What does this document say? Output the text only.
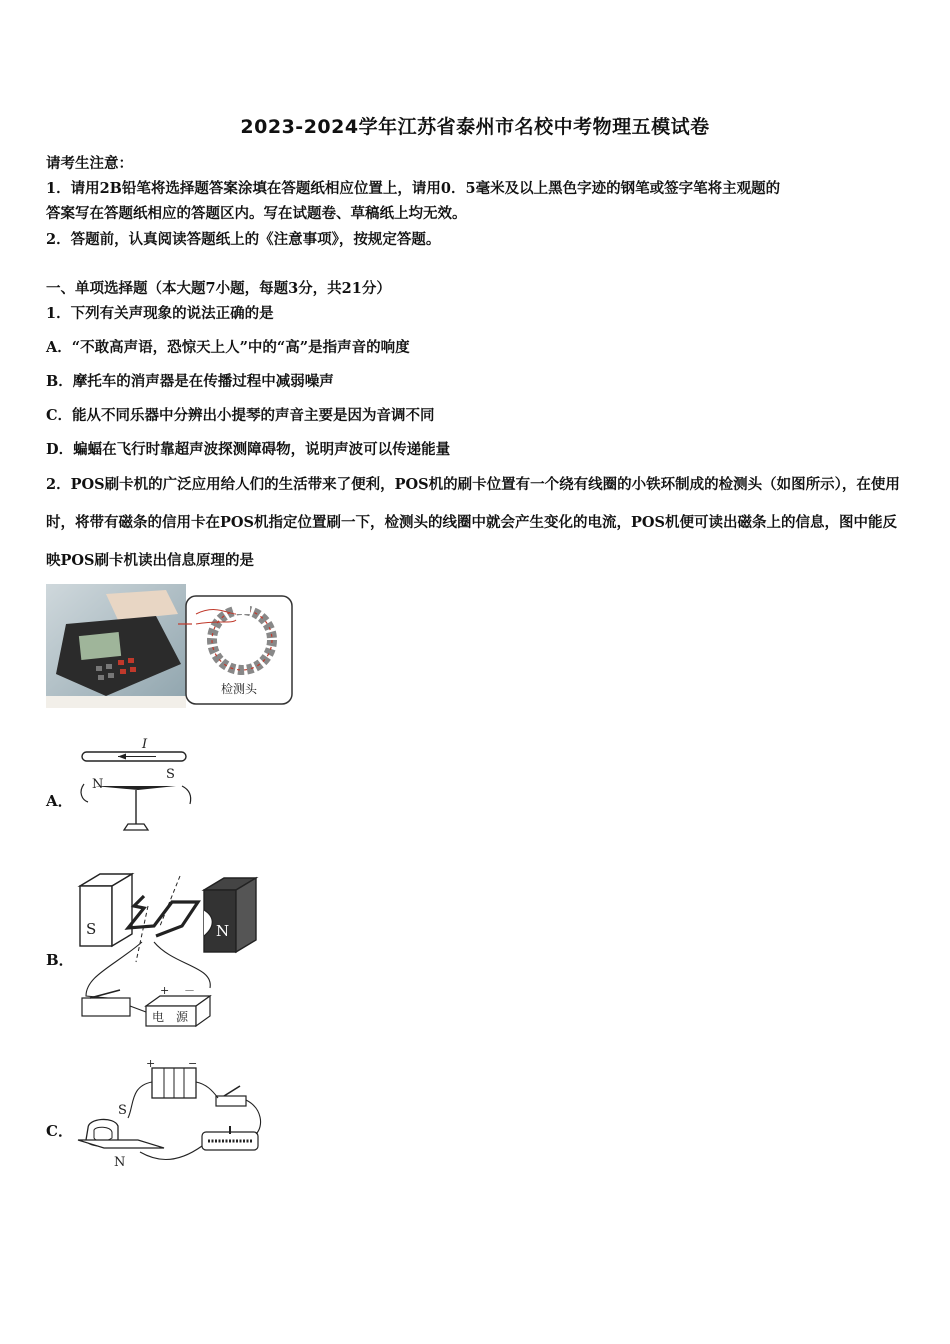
2023-2024学年江苏省泰州市名校中考物理五模试卷
请考生注意：
1．请用2B铅笔将选择题答案涂填在答题纸相应位置上，请用0．5毫米及以上黑色字迹的钢笔或签字笔将主观题的
答案写在答题纸相应的答题区内。写在试题卷、草稿纸上均无效。
2．答题前，认真阅读答题纸上的《注意事项》，按规定答题。
一、单项选择题（本大题7小题，每题3分，共21分）
1．下列有关声现象的说法正确的是
A．“不敢高声语，恐惊天上人”中的“高”是指声音的响度
B．摩托车的消声器是在传播过程中减弱噪声
C．能从不同乐器中分辨出小提琴的声音主要是因为音调不同
D．蝙蝠在飞行时靠超声波探测障碍物，说明声波可以传递能量
2．POS刷卡机的广泛应用给人们的生活带来了便利，POS机的刷卡位置有一个绕有线圈的小铁环制成的检测头（如图所示），在使用时，将带有磁条的信用卡在POS机指定位置刷一下，检测头的线圈中就会产生变化的电流，POS机便可读出磁条上的信息，图中能反映POS刷卡机读出信息原理的是
检测头
A．
I
N
S
B．
S	N
+ －
电　源
C．
+	−
S
N
